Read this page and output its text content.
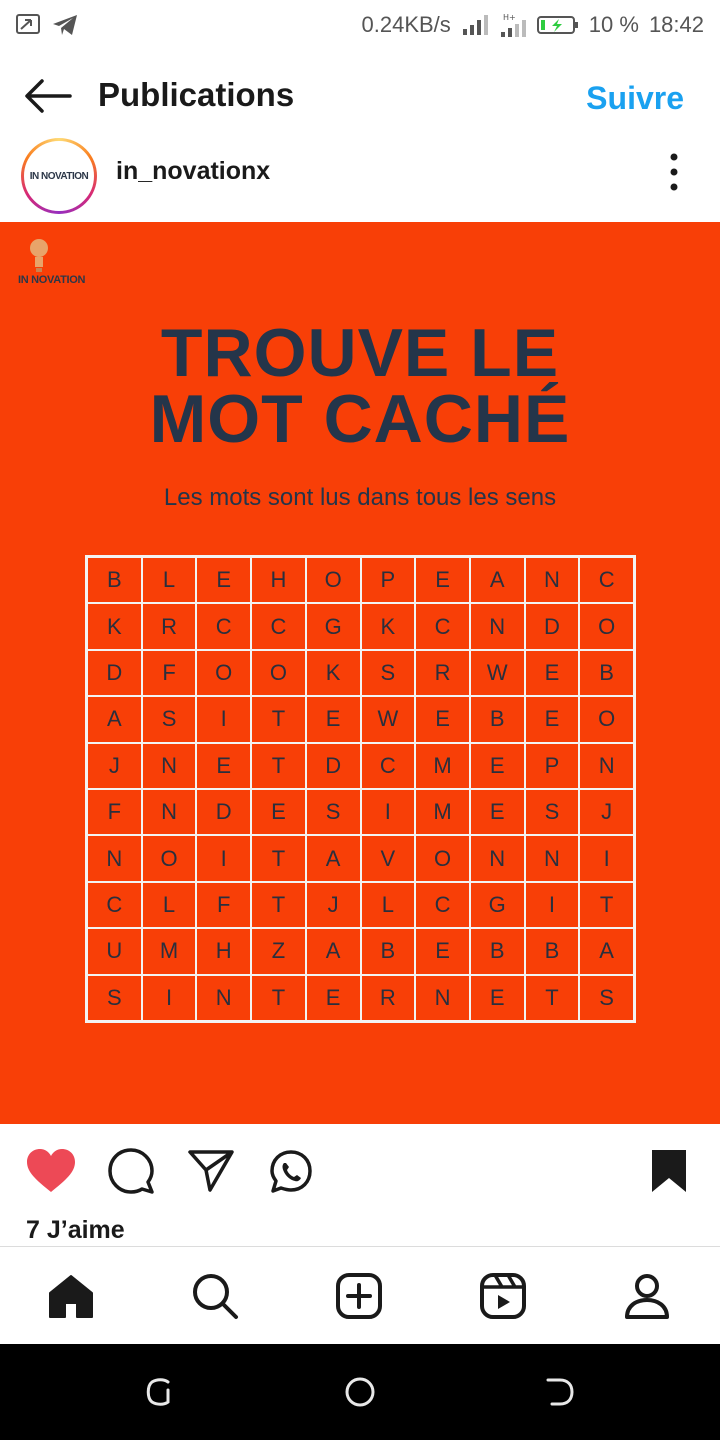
0.24KB/s	H+	10 % 18:42
Publications	Suivre
IN NOVATION in_novationx
IN NOVATION
TROUVE LE
MOT CACHÉ
Les mots sont lus dans tous les sens
B	L	E	H	O	P	E	A	N	C
K	R	C	C	G	K	C	N	D	O
D	F	O	O	K	S	R	W	E	B
A	S	I	T	E	W	E	B	E	O
J	N	E	T	D	C	M	E	P	N
F	N	D	E	S	I	M	E	S	J
N	O	I	T	A	V	O	N	N	I
C	L	F	T	J	L	C	G	I	T
U	M	H	Z	A	B	E	B	B	A
S	I	N	T	E	R	N	E	T	S
7 J’aime
